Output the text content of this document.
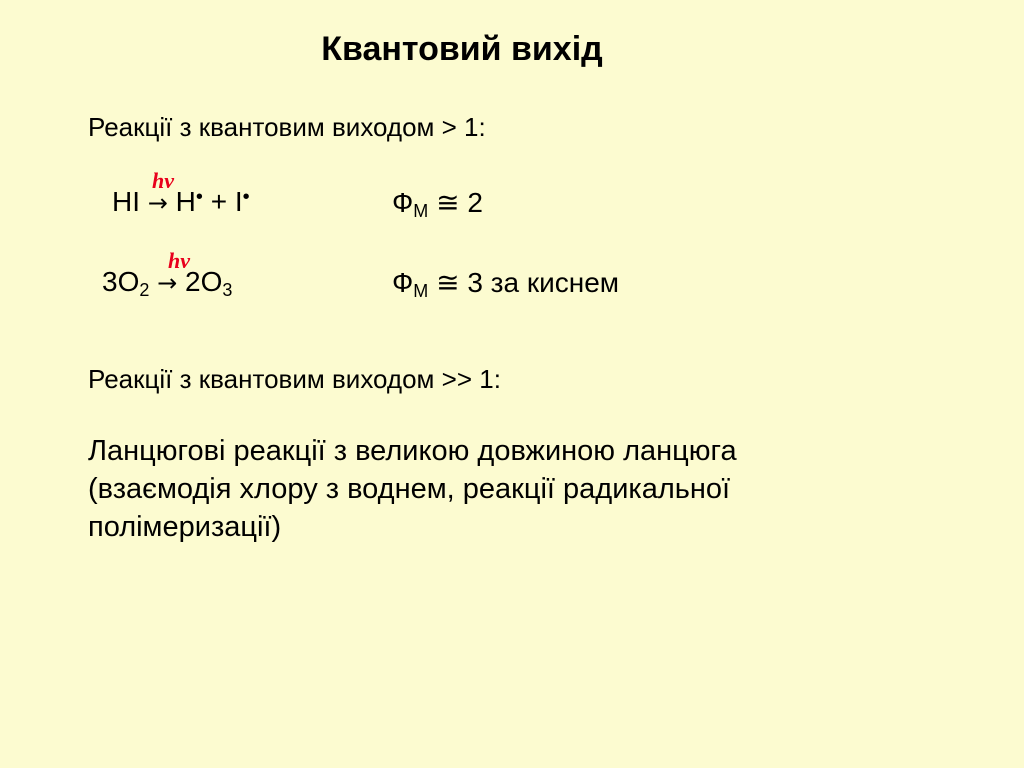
Квантовий вихід
Реакції з квантовим виходом > 1:
hν
HI → H• + I•	$Ф_M$ ≅ 2
hν
$3O_2 \to 2O_3$	$Ф_M$ ≅ 3 за киснем
Реакції з квантовим виходом >> 1:
Ланцюгові реакції з великою довжиною ланцюга
(взаємодія хлору з воднем, реакції радикальної
полімеризації)
